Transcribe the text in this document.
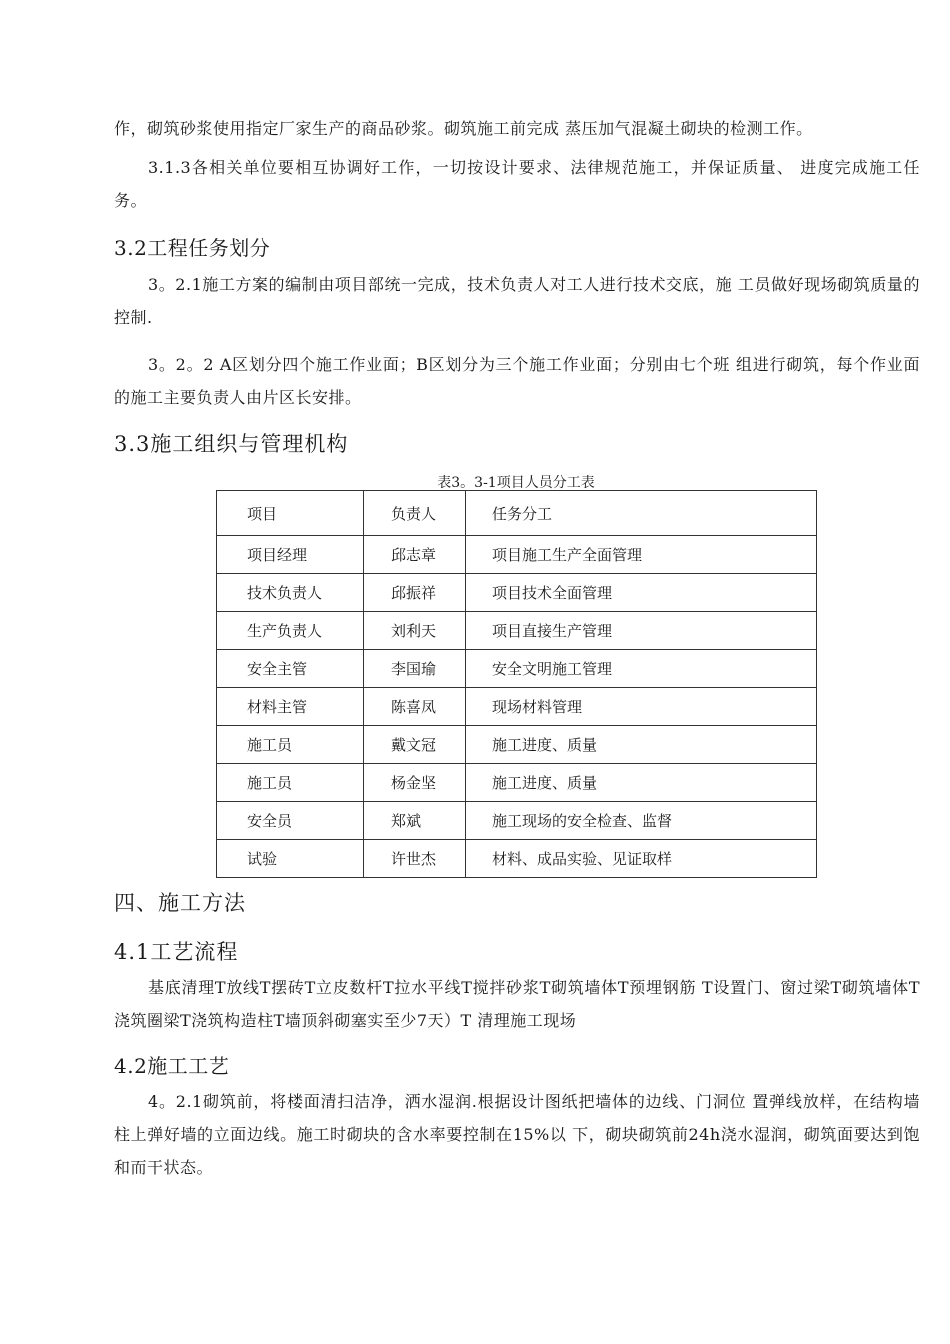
作，砌筑砂浆使用指定厂家生产的商品砂浆。砌筑施工前完成 蒸压加气混凝土砌块的检测工作。

3.1.3各相关单位要相互协调好工作，一切按设计要求、法律规范施工，并保证质量、 进度完成施工任务。

3.2工程任务划分

3。2.1施工方案的编制由项目部统一完成，技术负责人对工人进行技术交底，施 工员做好现场砌筑质量的控制.

3。2。2 A区划分四个施工作业面；B区划分为三个施工作业面；分别由七个班 组进行砌筑，每个作业面的施工主要负责人由片区长安排。

3.3施工组织与管理机构

表3。3-1项目人员分工表

项目	负责人	任务分工
项目经理	邱志章	项目施工生产全面管理
技术负责人	邱振祥	项目技术全面管理
生产负责人	刘利天	项目直接生产管理
安全主管	李国瑜	安全文明施工管理
材料主管	陈喜凤	现场材料管理
施工员	戴文冠	施工进度、质量
施工员	杨金坚	施工进度、质量
安全员	郑斌	施工现场的安全检查、监督
试验	许世杰	材料、成品实验、见证取样
四、施工方法
4.1工艺流程

基底清理T放线T摆砖T立皮数杆T拉水平线T搅拌砂浆T砌筑墙体T预埋钢筋 T设置门、窗过梁T砌筑墙体T浇筑圈梁T浇筑构造柱T墙顶斜砌塞实至少7天）T 清理施工现场

4.2施工工艺

4。2.1砌筑前，将楼面清扫洁净，洒水湿润.根据设计图纸把墙体的边线、门洞位 置弹线放样，在结构墙柱上弹好墙的立面边线。施工时砌块的含水率要控制在15%以 下，砌块砌筑前24h浇水湿润，砌筑面要达到饱和而干状态。
